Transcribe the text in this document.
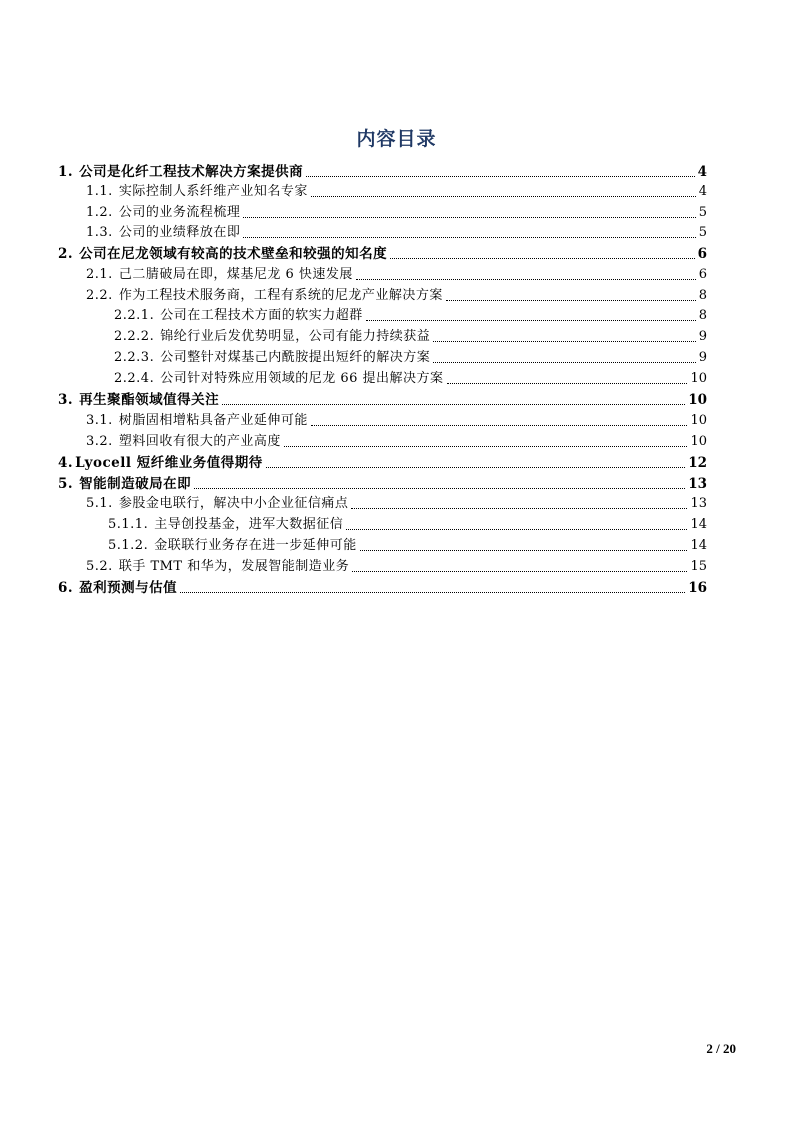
内容目录
1. 公司是化纤工程技术解决方案提供商	4
1.1. 实际控制人系纤维产业知名专家	4
1.2. 公司的业务流程梳理	5
1.3. 公司的业绩释放在即	5
2. 公司在尼龙领域有较高的技术壁垒和较强的知名度	6
2.1. 己二腈破局在即，煤基尼龙 6 快速发展	6
2.2. 作为工程技术服务商，工程有系统的尼龙产业解决方案	8
2.2.1. 公司在工程技术方面的软实力超群	8
2.2.2. 锦纶行业后发优势明显，公司有能力持续获益	9
2.2.3. 公司整针对煤基己内酰胺提出短纤的解决方案	9
2.2.4. 公司针对特殊应用领域的尼龙 66 提出解决方案	10
3. 再生聚酯领域值得关注	10
3.1. 树脂固相增粘具备产业延伸可能	10
3.2. 塑料回收有很大的产业高度	10
4. Lyocell 短纤维业务值得期待	12
5. 智能制造破局在即	13
5.1. 参股金电联行，解决中小企业征信痛点	13
5.1.1. 主导创投基金，进军大数据征信	14
5.1.2. 金联联行业务存在进一步延伸可能	14
5.2. 联手 TMT 和华为，发展智能制造业务	15
6. 盈利预测与估值	16
2 / 20
